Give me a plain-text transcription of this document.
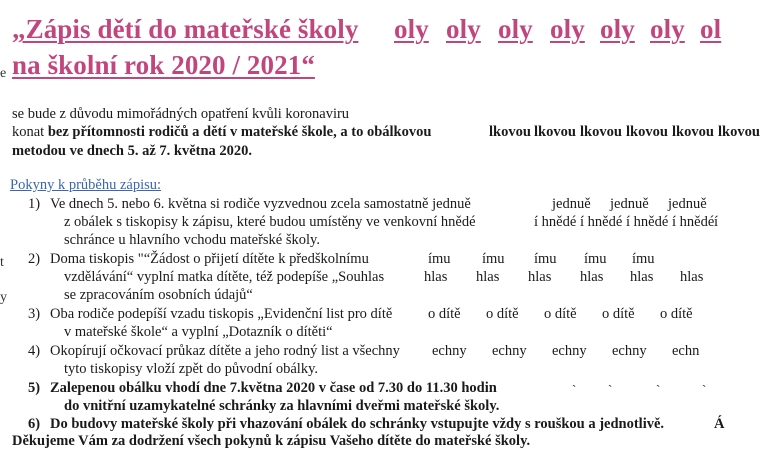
„Zápis dětí do mateřské školy oly oly oly oly oly oly ol
na školní rok 2020 / 2021“
e
t
y
se bude z důvodu mimořádných opatření kvůli koronaviru
konat bez přítomnosti rodičů a dětí v mateřské škole, a to obálkovou	lkovou lkovou lkovou lkovou lkovou lkovou
metodou ve dnech 5. až 7. května 2020.
Pokyny k průběhu zápisu:
1) Ve dnech 5. nebo 6. května si rodiče vyzvednou zcela samostatně jednuě	jednuě jednuě jednuě
z obálek s tiskopisy k zápisu, které budou umístěny ve venkovní hnědé	í hnědé í hnědé í hnědé í hnědé í
schránce u hlavního vchodu mateřské školy.
2) Doma tiskopis "“Žádost o přijetí dítěte k předškolnímu	ímu ímu ímu ímu ímu
vzdělávání“ vyplní matka dítěte, též podepíše „Souhlas	hlas hlas hlas hlas hlas hlas
se zpracováním osobních údajů“
3) Oba rodiče podepíší vzadu tiskopis „Evidenční list pro dítě o dítě o dítě o dítě o dítě o dítě
v mateřské škole“ a vyplní „Dotazník o dítěti“
4) Okopírují očkovací průkaz dítěte a jeho rodný list a všechny echny echny echny echny echn
tyto tiskopisy vloží zpět do původní obálky.
5) Zalepenou obálku vhodí dne 7.května 2020 v čase od 7.30 do 11.30 hodin	ˋ ˋ	ˋ	ˋ
do vnitřní uzamykatelné schránky za hlavními dveřmi mateřské školy.
6) Do budovy mateřské školy při vhazování obálek do schránky vstupujte vždy s rouškou a jednotlivě.	Á
Děkujeme Vám za dodržení všech pokynů k zápisu Vašeho dítěte do mateřské školy.
